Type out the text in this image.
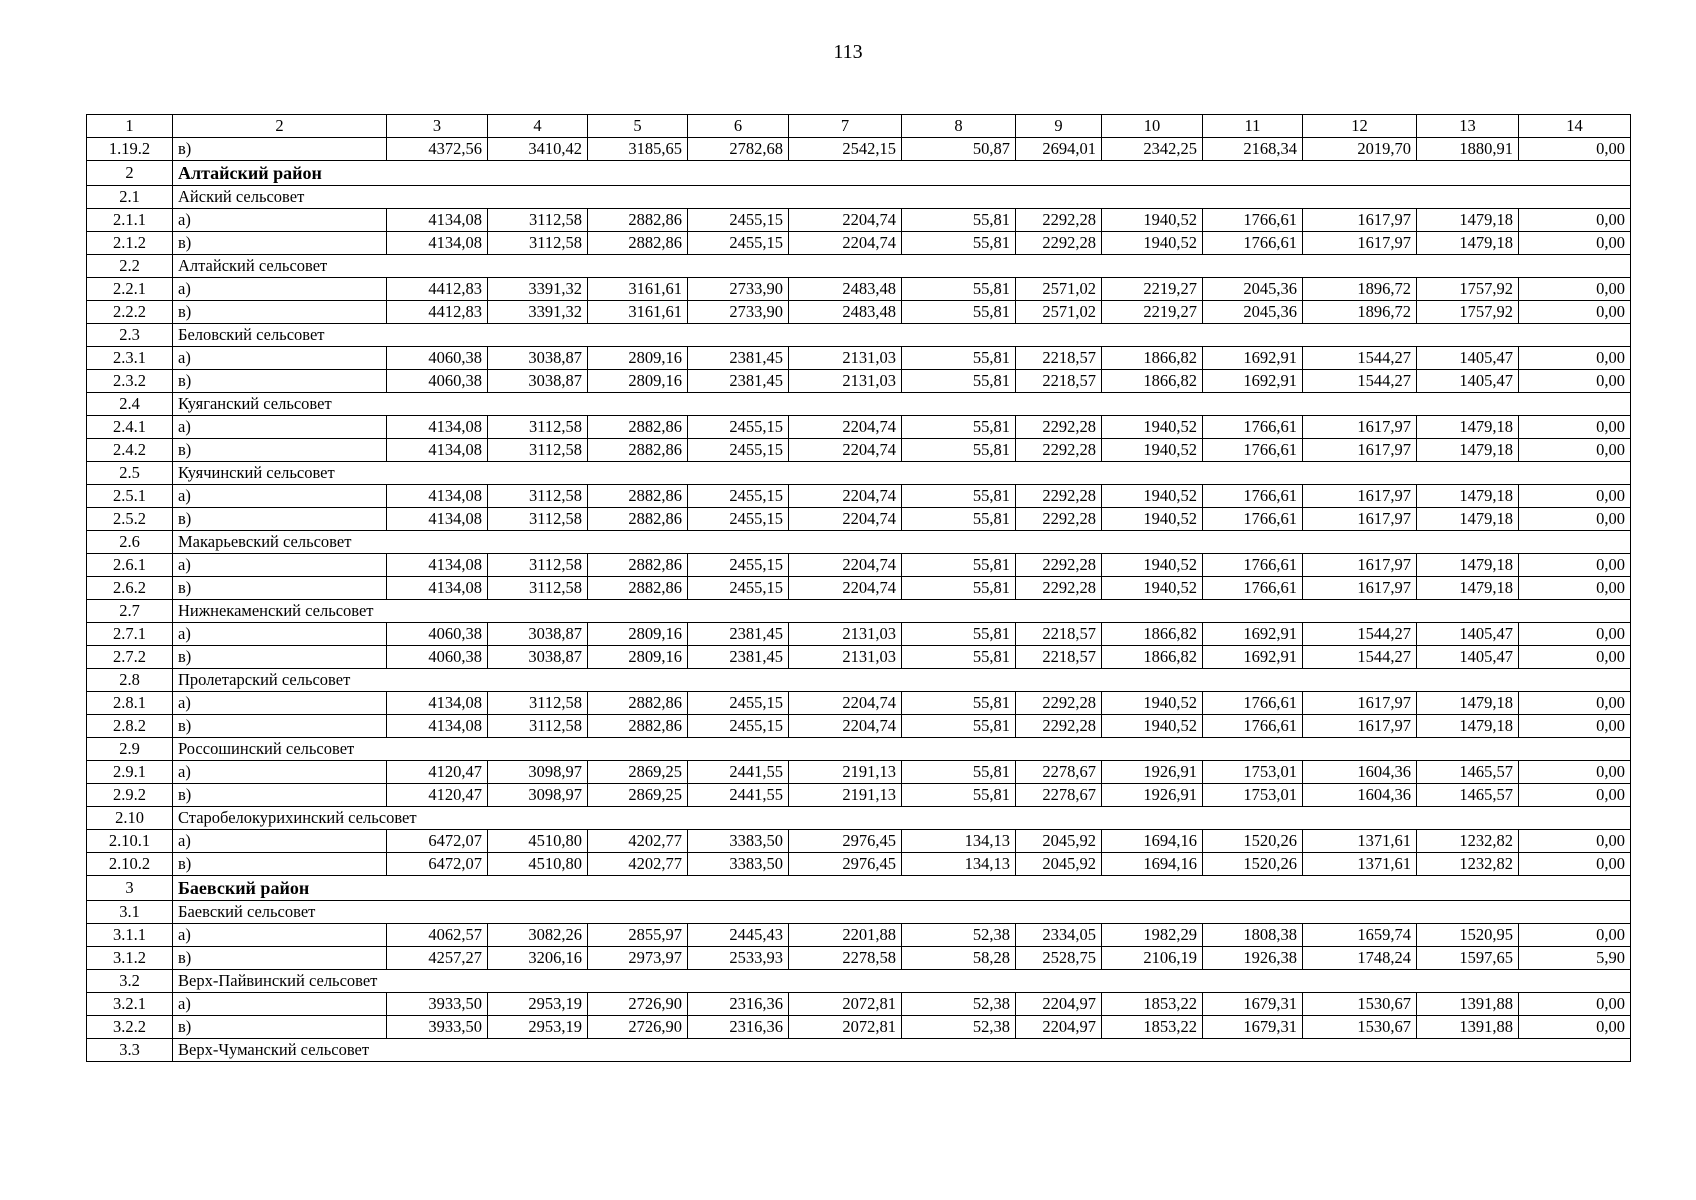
113
1	2	3	4	5	6	7	8	9	10	11	12	13	14
1.19.2	в)	4372,56	3410,42	3185,65	2782,68	2542,15	50,87	2694,01	2342,25	2168,34	2019,70	1880,91	0,00
2	Алтайский район												
2.1	Айский сельсовет												
2.1.1	а)	4134,08	3112,58	2882,86	2455,15	2204,74	55,81	2292,28	1940,52	1766,61	1617,97	1479,18	0,00
2.1.2	в)	4134,08	3112,58	2882,86	2455,15	2204,74	55,81	2292,28	1940,52	1766,61	1617,97	1479,18	0,00
2.2	Алтайский сельсовет												
2.2.1	а)	4412,83	3391,32	3161,61	2733,90	2483,48	55,81	2571,02	2219,27	2045,36	1896,72	1757,92	0,00
2.2.2	в)	4412,83	3391,32	3161,61	2733,90	2483,48	55,81	2571,02	2219,27	2045,36	1896,72	1757,92	0,00
2.3	Беловский сельсовет												
2.3.1	а)	4060,38	3038,87	2809,16	2381,45	2131,03	55,81	2218,57	1866,82	1692,91	1544,27	1405,47	0,00
2.3.2	в)	4060,38	3038,87	2809,16	2381,45	2131,03	55,81	2218,57	1866,82	1692,91	1544,27	1405,47	0,00
2.4	Куяганский сельсовет												
2.4.1	а)	4134,08	3112,58	2882,86	2455,15	2204,74	55,81	2292,28	1940,52	1766,61	1617,97	1479,18	0,00
2.4.2	в)	4134,08	3112,58	2882,86	2455,15	2204,74	55,81	2292,28	1940,52	1766,61	1617,97	1479,18	0,00
2.5	Куячинский сельсовет												
2.5.1	а)	4134,08	3112,58	2882,86	2455,15	2204,74	55,81	2292,28	1940,52	1766,61	1617,97	1479,18	0,00
2.5.2	в)	4134,08	3112,58	2882,86	2455,15	2204,74	55,81	2292,28	1940,52	1766,61	1617,97	1479,18	0,00
2.6	Макарьевский сельсовет												
2.6.1	а)	4134,08	3112,58	2882,86	2455,15	2204,74	55,81	2292,28	1940,52	1766,61	1617,97	1479,18	0,00
2.6.2	в)	4134,08	3112,58	2882,86	2455,15	2204,74	55,81	2292,28	1940,52	1766,61	1617,97	1479,18	0,00
2.7	Нижнекаменский сельсовет												
2.7.1	а)	4060,38	3038,87	2809,16	2381,45	2131,03	55,81	2218,57	1866,82	1692,91	1544,27	1405,47	0,00
2.7.2	в)	4060,38	3038,87	2809,16	2381,45	2131,03	55,81	2218,57	1866,82	1692,91	1544,27	1405,47	0,00
2.8	Пролетарский сельсовет												
2.8.1	а)	4134,08	3112,58	2882,86	2455,15	2204,74	55,81	2292,28	1940,52	1766,61	1617,97	1479,18	0,00
2.8.2	в)	4134,08	3112,58	2882,86	2455,15	2204,74	55,81	2292,28	1940,52	1766,61	1617,97	1479,18	0,00
2.9	Россошинский сельсовет												
2.9.1	а)	4120,47	3098,97	2869,25	2441,55	2191,13	55,81	2278,67	1926,91	1753,01	1604,36	1465,57	0,00
2.9.2	в)	4120,47	3098,97	2869,25	2441,55	2191,13	55,81	2278,67	1926,91	1753,01	1604,36	1465,57	0,00
2.10	Старобелокурихинский сельсовет												
2.10.1	а)	6472,07	4510,80	4202,77	3383,50	2976,45	134,13	2045,92	1694,16	1520,26	1371,61	1232,82	0,00
2.10.2	в)	6472,07	4510,80	4202,77	3383,50	2976,45	134,13	2045,92	1694,16	1520,26	1371,61	1232,82	0,00
3	Баевский район												
3.1	Баевский сельсовет												
3.1.1	а)	4062,57	3082,26	2855,97	2445,43	2201,88	52,38	2334,05	1982,29	1808,38	1659,74	1520,95	0,00
3.1.2	в)	4257,27	3206,16	2973,97	2533,93	2278,58	58,28	2528,75	2106,19	1926,38	1748,24	1597,65	5,90
3.2	Верх-Пайвинский сельсовет												
3.2.1	а)	3933,50	2953,19	2726,90	2316,36	2072,81	52,38	2204,97	1853,22	1679,31	1530,67	1391,88	0,00
3.2.2	в)	3933,50	2953,19	2726,90	2316,36	2072,81	52,38	2204,97	1853,22	1679,31	1530,67	1391,88	0,00
3.3	Верх-Чуманский сельсовет												
